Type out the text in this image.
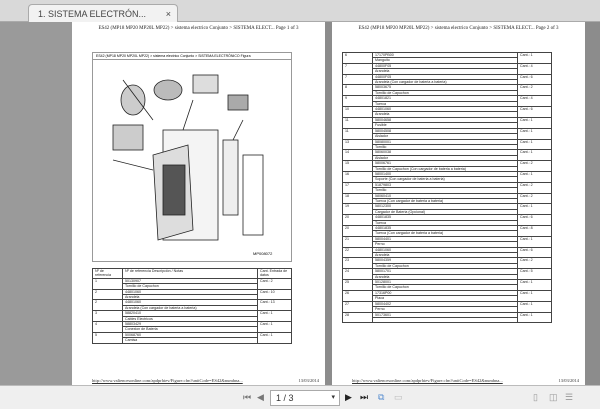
1. SISTEMA ELECTRÓN... ×
ES42 (MP18 MP20 MP20L MP22) > sistema electrico Conjunto > SISTEMA ELECT... Page 1 of 3
ES42 (MP18 MP20 MP20L MP22) > sistema electrico Conjunto > SISTEMA ELECTRÓNICO Figura
MP008072
Nº de referencia	Nº de referencia Descripción / Notas	Cant. Entrada de datos
1	50130907	Cant.: 2
	Tornillo de Capuchon	
2	44801060	Cant.: 10
	Arandela	
2	44801060	Cant.: 13
	Arandela (Con cargador de bateria a bateria)	
3	58820410	Cant.: 1
	Cables Electricos	
4	58803429	Cant.: 1
	Conexion de Bateria	
5	50068760	Cant.: 1
	Camisa	
http://www.valiencesonline.com/apdprhiev/Figure.cfm?unitCode=ES42&numbna...	13/03/2014
ES42 (MP18 MP20 MP20L MP22) > sistema electrico Conjunto > SISTEMA ELECT... Page 2 of 3
6	17170PB00	Cant.: 1
	Manguito	
7	44800F05	Cant.: 4
	Arandela	
7	44800F05	Cant.: 6
	Arandela (Con cargador de bateria a bateria)	
8	58003675	Cant.: 2
	Tornillo de Capuchon	
9	44801821	Cant.: 4
	Tuerca	
10	44801060	Cant.: 6
	Arandela	
11	58004658	Cant.: 1
	Fusible	
11	58004508	Cant.: 1
	Aislador	
13	58080001	Cant.: 1
	Tornillo	
14	58060038	Cant.: 1
	Aislador	
15	58006761	Cant.: 2
	Tornillo de Capuchon (Con cargador de bateria a bateria)	
16	58001400	Cant.: 1
	Soporte (Con cargador de bateria a bateria)	
17	51879803	Cant.: 2
	Tornillo	
18	58060410	Cant.: 2
	Tuerca (Con cargador de bateria a bateria)	
19	58012300	Cant.: 1
	Cargador de Bateria (Opcional)	
20	44801835	Cant.: 6
	Tuerca	
20	44801835	Cant.: 8
	Tuerca (Con cargador de bateria a bateria)	
21	58004401	Cant.: 1
	Perno	
22	44801060	Cant.: 6
	Arandela	
23	58004359	Cant.: 2
	Tornillo de Capuchon	
24	58001701	Cant.: 5
	Arandela	
25	50128001	Cant.: 1
	Tornillo de Capuchon	
26	17316P00	Cant.: 1
	Placa	
27	58004402	Cant.: 1
	Perno	
28	50173601	Cant.: 1

http://www.valiencesonline.com/apdprhiev/Figure.cfm?unitCode=ES42&numbna...	13/03/2014
⏮ ◀	1 / 3	▾ ▶ ⏭ ⧉ ▭	▯ ◫ ☰
